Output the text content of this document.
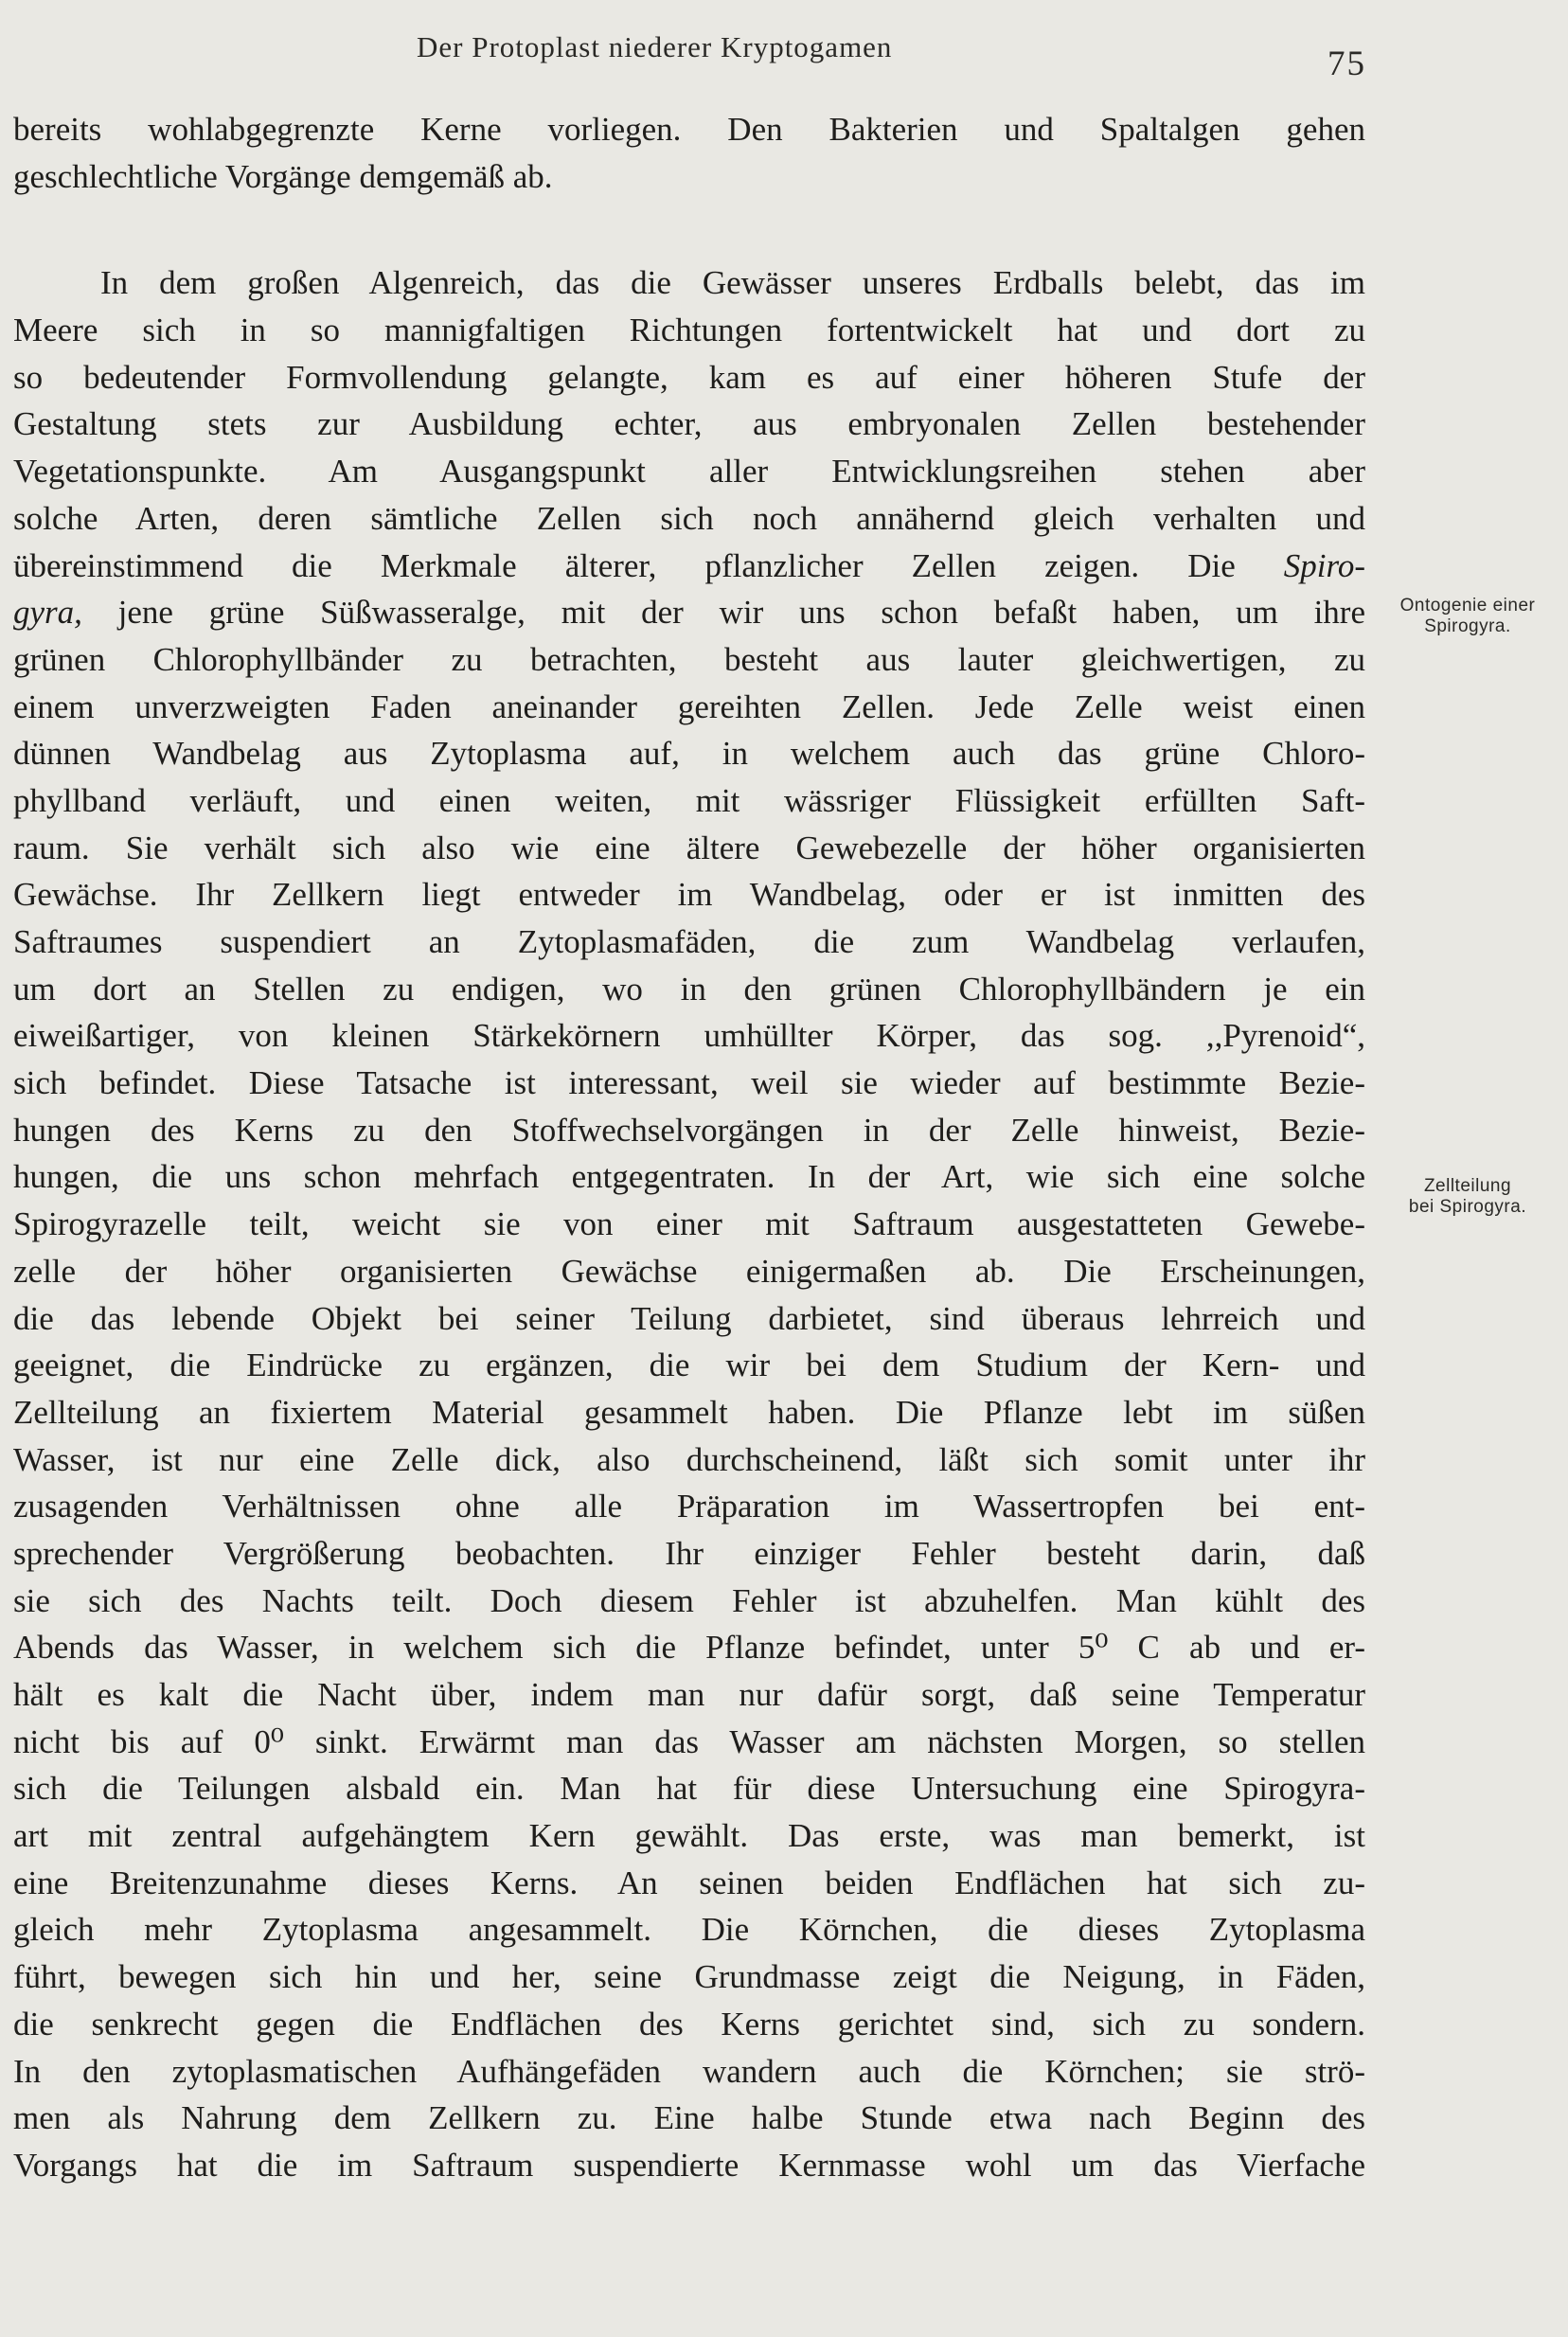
Der Protoplast niederer Kryptogamen	75
bereits wohlabgegrenzte Kerne vorliegen. Den Bakterien und Spaltalgen gehen
geschlechtliche Vorgänge demgemäß ab.
In dem großen Algenreich, das die Gewässer unseres Erdballs belebt, das im
Meere sich in so mannigfaltigen Richtungen fortentwickelt hat und dort zu
so bedeutender Formvollendung gelangte, kam es auf einer höheren Stufe der
Gestaltung stets zur Ausbildung echter, aus embryonalen Zellen bestehender
Vegetationspunkte. Am Ausgangspunkt aller Entwicklungsreihen stehen aber
solche Arten, deren sämtliche Zellen sich noch annähernd gleich verhalten und
übereinstimmend die Merkmale älterer, pflanzlicher Zellen zeigen. Die Spiro-
gyra, jene grüne Süßwasseralge, mit der wir uns schon befaßt haben, um ihre
grünen Chlorophyllbänder zu betrachten, besteht aus lauter gleichwertigen, zu
einem unverzweigten Faden aneinander gereihten Zellen. Jede Zelle weist einen
dünnen Wandbelag aus Zytoplasma auf, in welchem auch das grüne Chloro-
phyllband verläuft, und einen weiten, mit wässriger Flüssigkeit erfüllten Saft-
raum. Sie verhält sich also wie eine ältere Gewebezelle der höher organisierten
Gewächse. Ihr Zellkern liegt entweder im Wandbelag, oder er ist inmitten des
Saftraumes suspendiert an Zytoplasmafäden, die zum Wandbelag verlaufen,
um dort an Stellen zu endigen, wo in den grünen Chlorophyllbändern je ein
eiweißartiger, von kleinen Stärkekörnern umhüllter Körper, das sog. ,,Pyrenoid“,
sich befindet. Diese Tatsache ist interessant, weil sie wieder auf bestimmte Bezie-
hungen des Kerns zu den Stoffwechselvorgängen in der Zelle hinweist, Bezie-
hungen, die uns schon mehrfach entgegentraten. In der Art, wie sich eine solche
Spirogyrazelle teilt, weicht sie von einer mit Saftraum ausgestatteten Gewebe-
zelle der höher organisierten Gewächse einigermaßen ab. Die Erscheinungen,
die das lebende Objekt bei seiner Teilung darbietet, sind überaus lehrreich und
geeignet, die Eindrücke zu ergänzen, die wir bei dem Studium der Kern- und
Zellteilung an fixiertem Material gesammelt haben. Die Pflanze lebt im süßen
Wasser, ist nur eine Zelle dick, also durchscheinend, läßt sich somit unter ihr
zusagenden Verhältnissen ohne alle Präparation im Wassertropfen bei ent-
sprechender Vergrößerung beobachten. Ihr einziger Fehler besteht darin, daß
sie sich des Nachts teilt. Doch diesem Fehler ist abzuhelfen. Man kühlt des
Abends das Wasser, in welchem sich die Pflanze befindet, unter 5⁰ C ab und er-
hält es kalt die Nacht über, indem man nur dafür sorgt, daß seine Temperatur
nicht bis auf 0⁰ sinkt. Erwärmt man das Wasser am nächsten Morgen, so stellen
sich die Teilungen alsbald ein. Man hat für diese Untersuchung eine Spirogyra-
art mit zentral aufgehängtem Kern gewählt. Das erste, was man bemerkt, ist
eine Breitenzunahme dieses Kerns. An seinen beiden Endflächen hat sich zu-
gleich mehr Zytoplasma angesammelt. Die Körnchen, die dieses Zytoplasma
führt, bewegen sich hin und her, seine Grundmasse zeigt die Neigung, in Fäden,
die senkrecht gegen die Endflächen des Kerns gerichtet sind, sich zu sondern.
In den zytoplasmatischen Aufhängefäden wandern auch die Körnchen; sie strö-
men als Nahrung dem Zellkern zu. Eine halbe Stunde etwa nach Beginn des
Vorgangs hat die im Saftraum suspendierte Kernmasse wohl um das Vierfache
Ontogenie einer
Spirogyra.
Zellteilung
bei Spirogyra.
